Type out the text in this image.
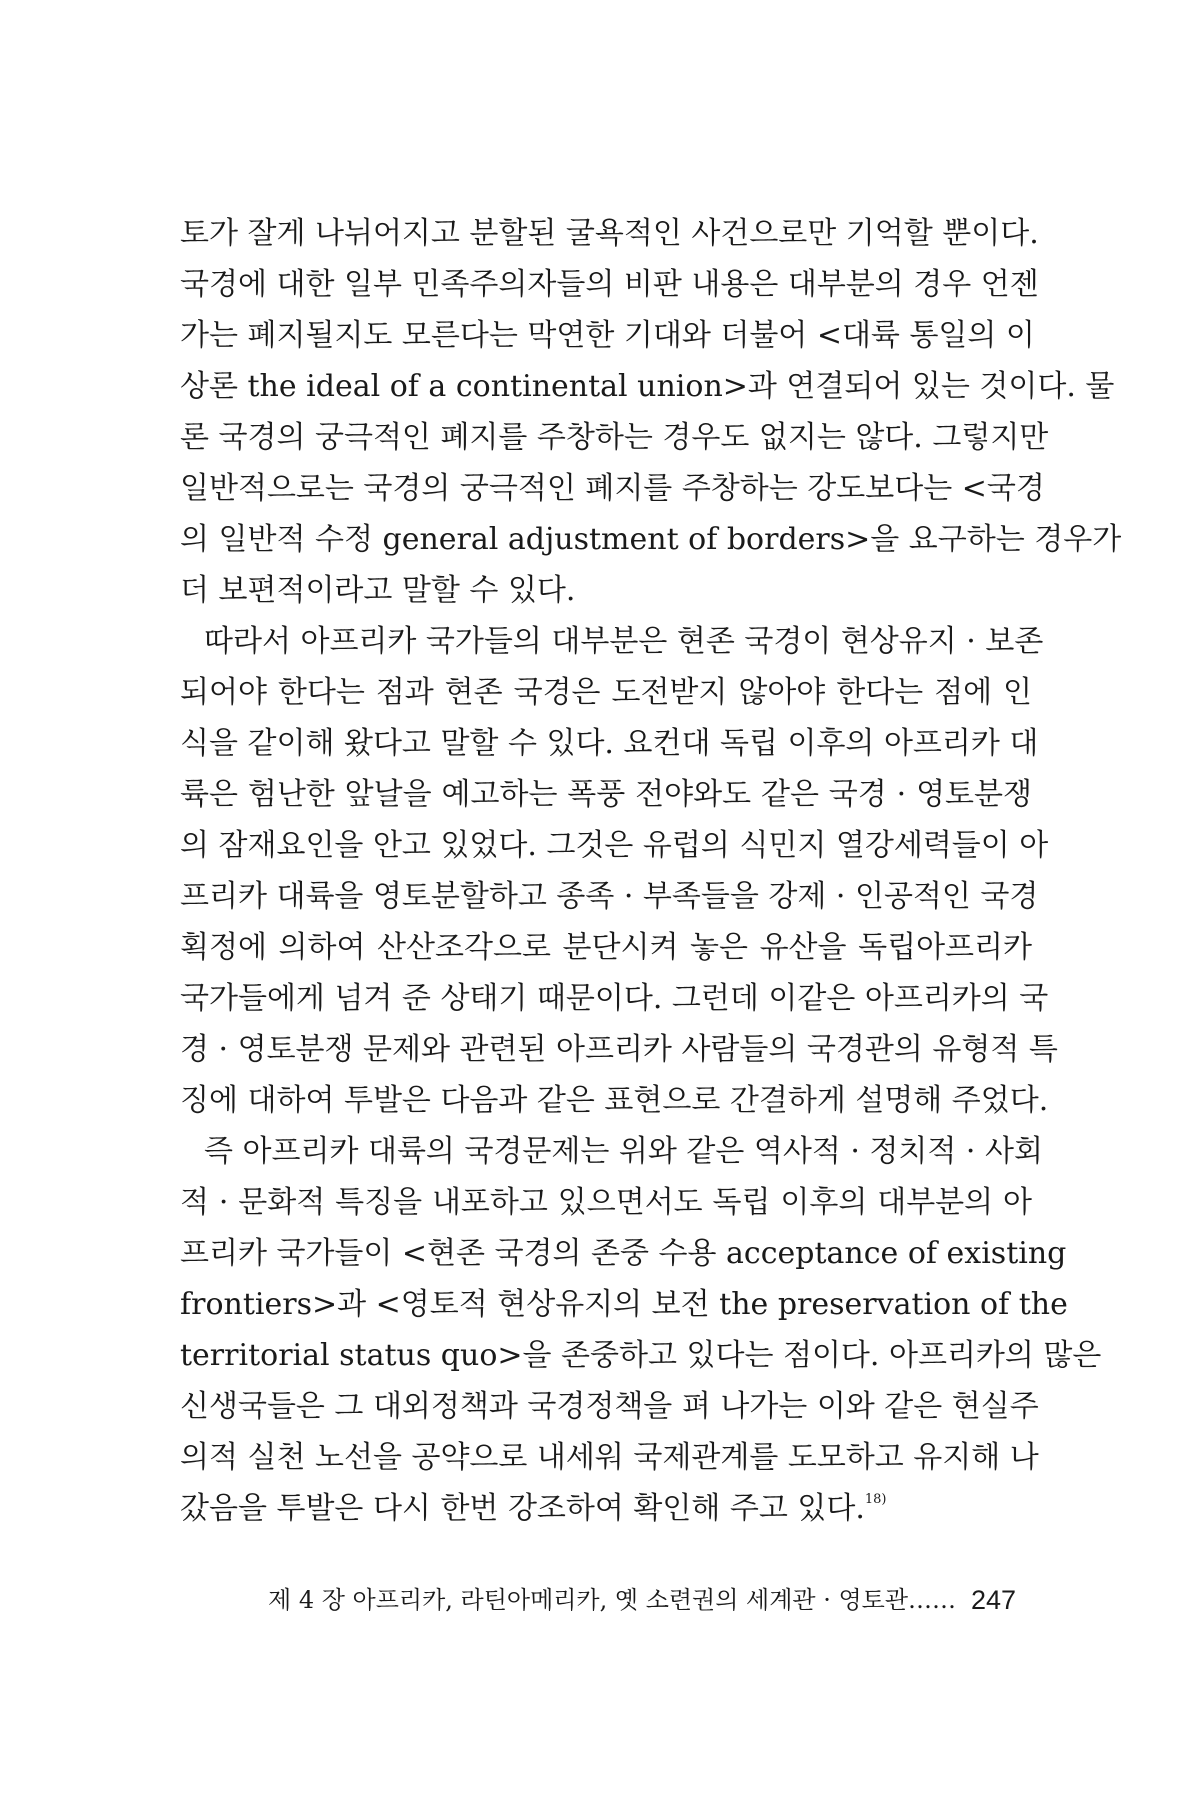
토가 잘게 나뉘어지고 분할된 굴욕적인 사건으로만 기억할 뿐이다.
국경에 대한 일부 민족주의자들의 비판 내용은 대부분의 경우 언젠
가는 폐지될지도 모른다는 막연한 기대와 더불어 <대륙 통일의 이
상론 the ideal of a continental union>과 연결되어 있는 것이다. 물
론 국경의 궁극적인 폐지를 주창하는 경우도 없지는 않다. 그렇지만
일반적으로는 국경의 궁극적인 폐지를 주창하는 강도보다는 <국경
의 일반적 수정 general adjustment of borders>을 요구하는 경우가
더 보편적이라고 말할 수 있다.
따라서 아프리카 국가들의 대부분은 현존 국경이 현상유지 · 보존
되어야 한다는 점과 현존 국경은 도전받지 않아야 한다는 점에 인
식을 같이해 왔다고 말할 수 있다. 요컨대 독립 이후의 아프리카 대
륙은 험난한 앞날을 예고하는 폭풍 전야와도 같은 국경 · 영토분쟁
의 잠재요인을 안고 있었다. 그것은 유럽의 식민지 열강세력들이 아
프리카 대륙을 영토분할하고 종족 · 부족들을 강제 · 인공적인 국경
획정에 의하여 산산조각으로 분단시켜 놓은 유산을 독립아프리카
국가들에게 넘겨 준 상태기 때문이다. 그런데 이같은 아프리카의 국
경 · 영토분쟁 문제와 관련된 아프리카 사람들의 국경관의 유형적 특
징에 대하여 투발은 다음과 같은 표현으로 간결하게 설명해 주었다.
즉 아프리카 대륙의 국경문제는 위와 같은 역사적 · 정치적 · 사회
적 · 문화적 특징을 내포하고 있으면서도 독립 이후의 대부분의 아
프리카 국가들이 <현존 국경의 존중 수용 acceptance of existing
frontiers>과 <영토적 현상유지의 보전 the preservation of the
territorial status quo>을 존중하고 있다는 점이다. 아프리카의 많은
신생국들은 그 대외정책과 국경정책을 펴 나가는 이와 같은 현실주
의적 실천 노선을 공약으로 내세워 국제관계를 도모하고 유지해 나
갔음을 투발은 다시 한번 강조하여 확인해 주고 있다.$^{18)}$
제 4 장 아프리카, 라틴아메리카, 옛 소련권의 세계관 · 영토관…… 247
